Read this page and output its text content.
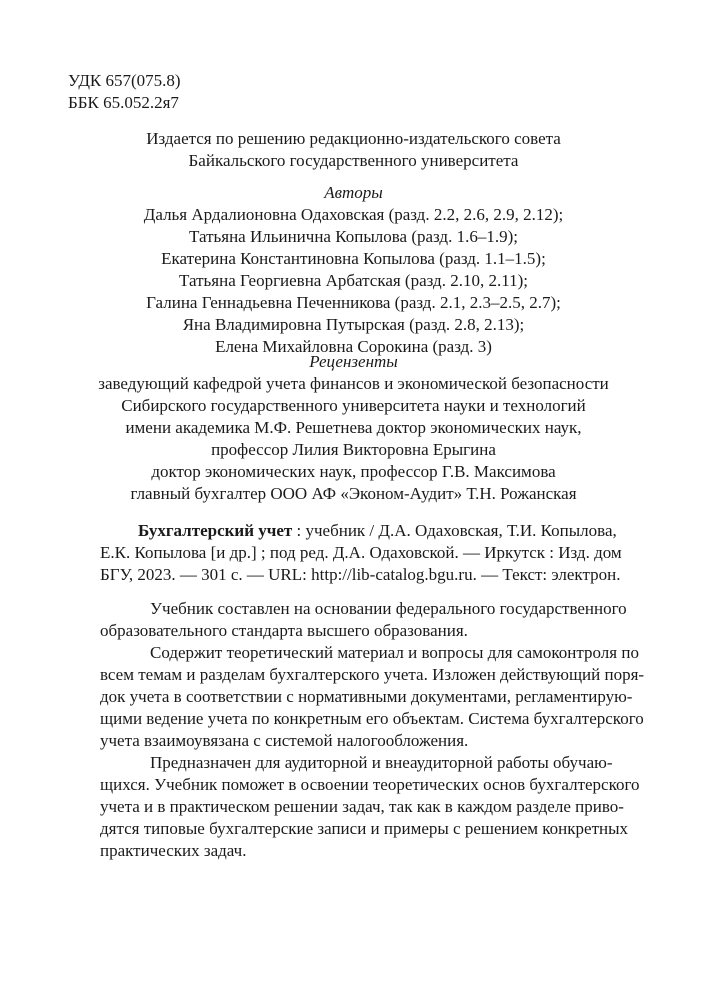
УДК 657(075.8)
ББК 65.052.2я7
Издается по решению редакционно-издательского совета
Байкальского государственного университета
Авторы
Далья Ардалионовна Одаховская (разд. 2.2, 2.6, 2.9, 2.12);
Татьяна Ильинична Копылова (разд. 1.6–1.9);
Екатерина Константиновна Копылова (разд. 1.1–1.5);
Татьяна Георгиевна Арбатская (разд. 2.10, 2.11);
Галина Геннадьевна Печенникова (разд. 2.1, 2.3–2.5, 2.7);
Яна Владимировна Путырская (разд. 2.8, 2.13);
Елена Михайловна Сорокина (разд. 3)
Рецензенты
заведующий кафедрой учета финансов и экономической безопасности
Сибирского государственного университета науки и технологий
имени академика М.Ф. Решетнева доктор экономических наук,
профессор Лилия Викторовна Ерыгина
доктор экономических наук, профессор Г.В. Максимова
главный бухгалтер ООО АФ «Эконом-Аудит» Т.Н. Рожанская
Бухгалтерский учет : учебник / Д.А. Одаховская, Т.И. Копылова,
Е.К. Копылова [и др.] ; под ред. Д.А. Одаховской. — Иркутск : Изд. дом
БГУ, 2023. — 301 с. — URL: http://lib-catalog.bgu.ru. — Текст: электрон.
Учебник составлен на основании федерального государственного
образовательного стандарта высшего образования.
Содержит теоретический материал и вопросы для самоконтроля по
всем темам и разделам бухгалтерского учета. Изложен действующий поря-
док учета в соответствии с нормативными документами, регламентирую-
щими ведение учета по конкретным его объектам. Система бухгалтерского
учета взаимоувязана с системой налогообложения.
Предназначен для аудиторной и внеаудиторной работы обучаю-
щихся. Учебник поможет в освоении теоретических основ бухгалтерского
учета и в практическом решении задач, так как в каждом разделе приво-
дятся типовые бухгалтерские записи и примеры с решением конкретных
практических задач.
